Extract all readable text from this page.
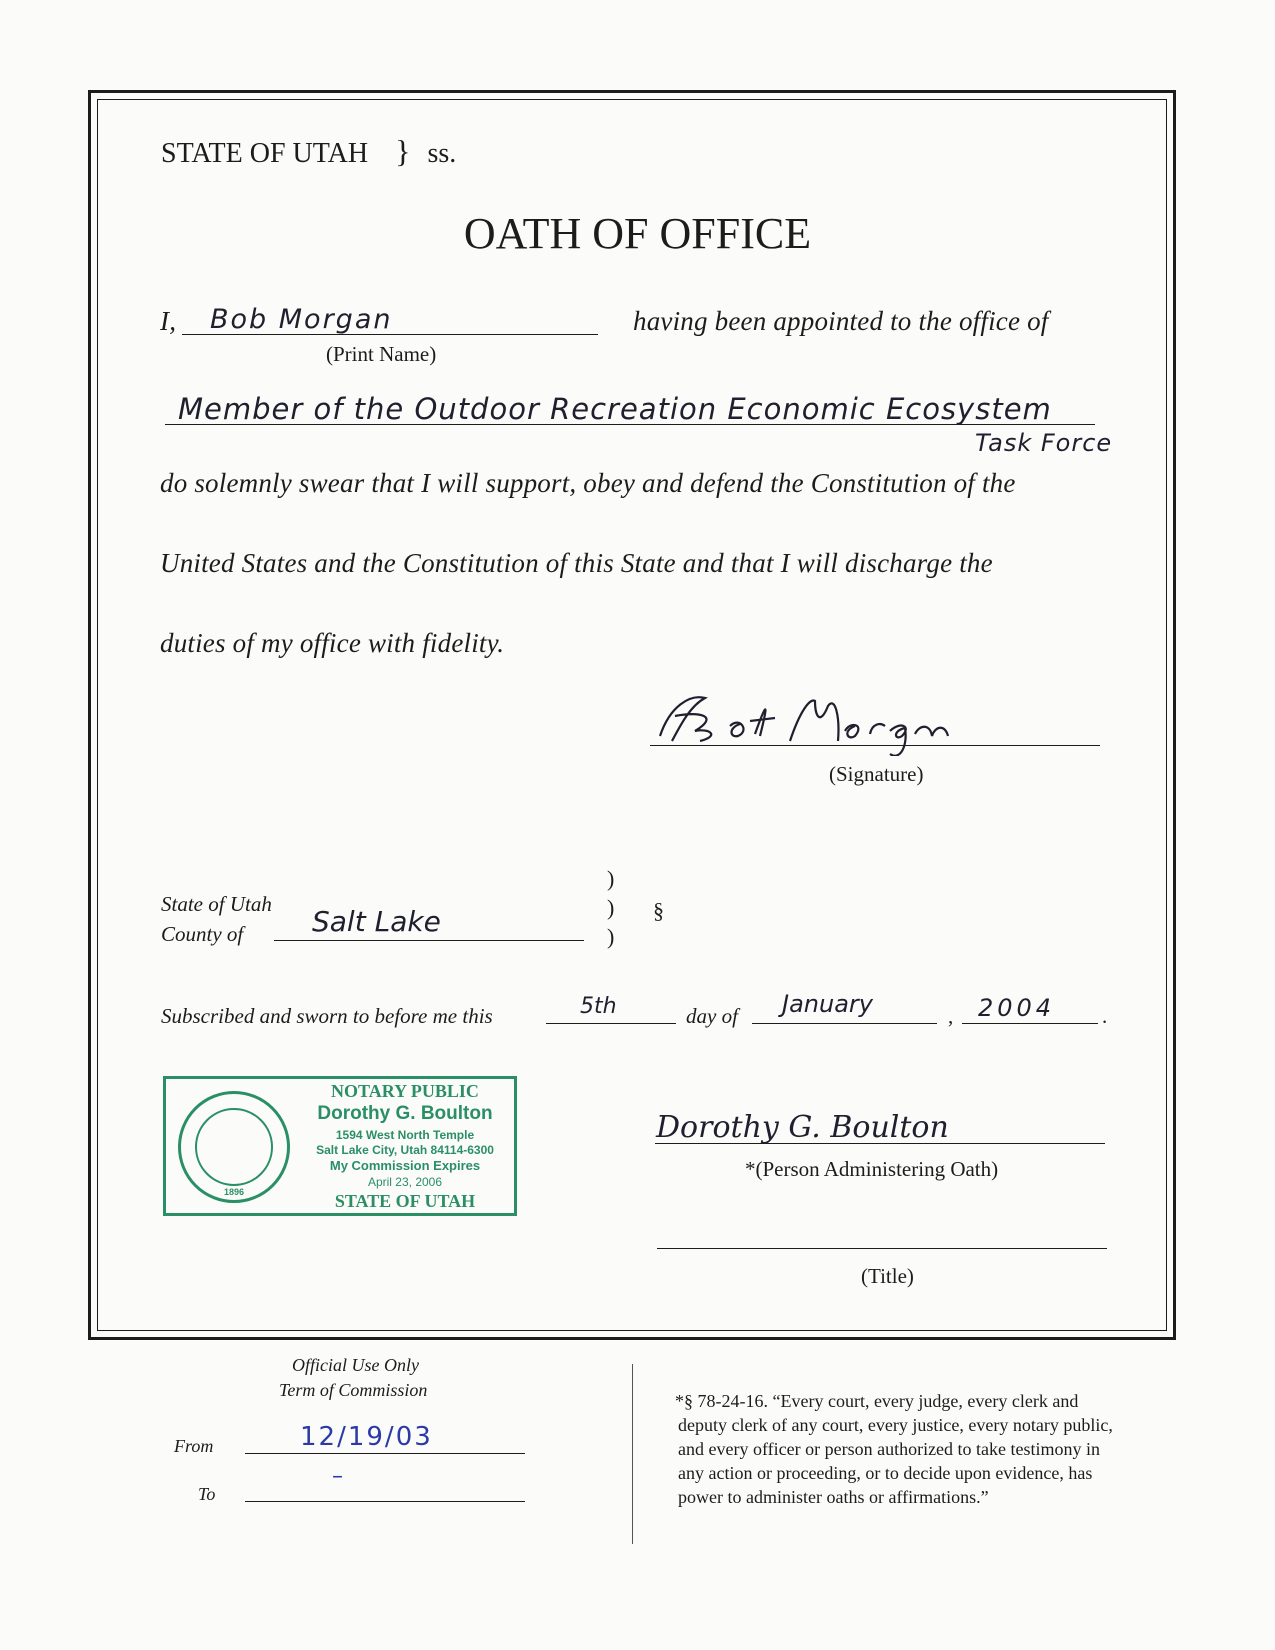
STATE OF UTAH } ss.
OATH OF OFFICE
I, Bob Morgan
(Print Name)
having been appointed to the office of
Member of the Outdoor Recreation Economic Ecosystem
Task Force
do solemnly swear that I will support, obey and defend the Constitution of the
United States and the Constitution of this State and that I will discharge the
duties of my office with fidelity.
(Signature)
State of Utah
County of Salt Lake
)
)
)
§
Subscribed and sworn to before me this	5th	day of January	, 2004 .
1896
NOTARY PUBLIC
Dorothy G. Boulton
1594 West North Temple
Salt Lake City, Utah 84114-6300
My Commission Expires
April 23, 2006
STATE OF UTAH
Dorothy G. Boulton
*(Person Administering Oath)
(Title)
Official Use Only
Term of Commission
From	12/19/03
To
–
*§ 78-24-16. “Every court, every judge, every clerk and
deputy clerk of any court, every justice, every notary public,
and every officer or person authorized to take testimony in
any action or proceeding, or to decide upon evidence, has
power to administer oaths or affirmations.”
